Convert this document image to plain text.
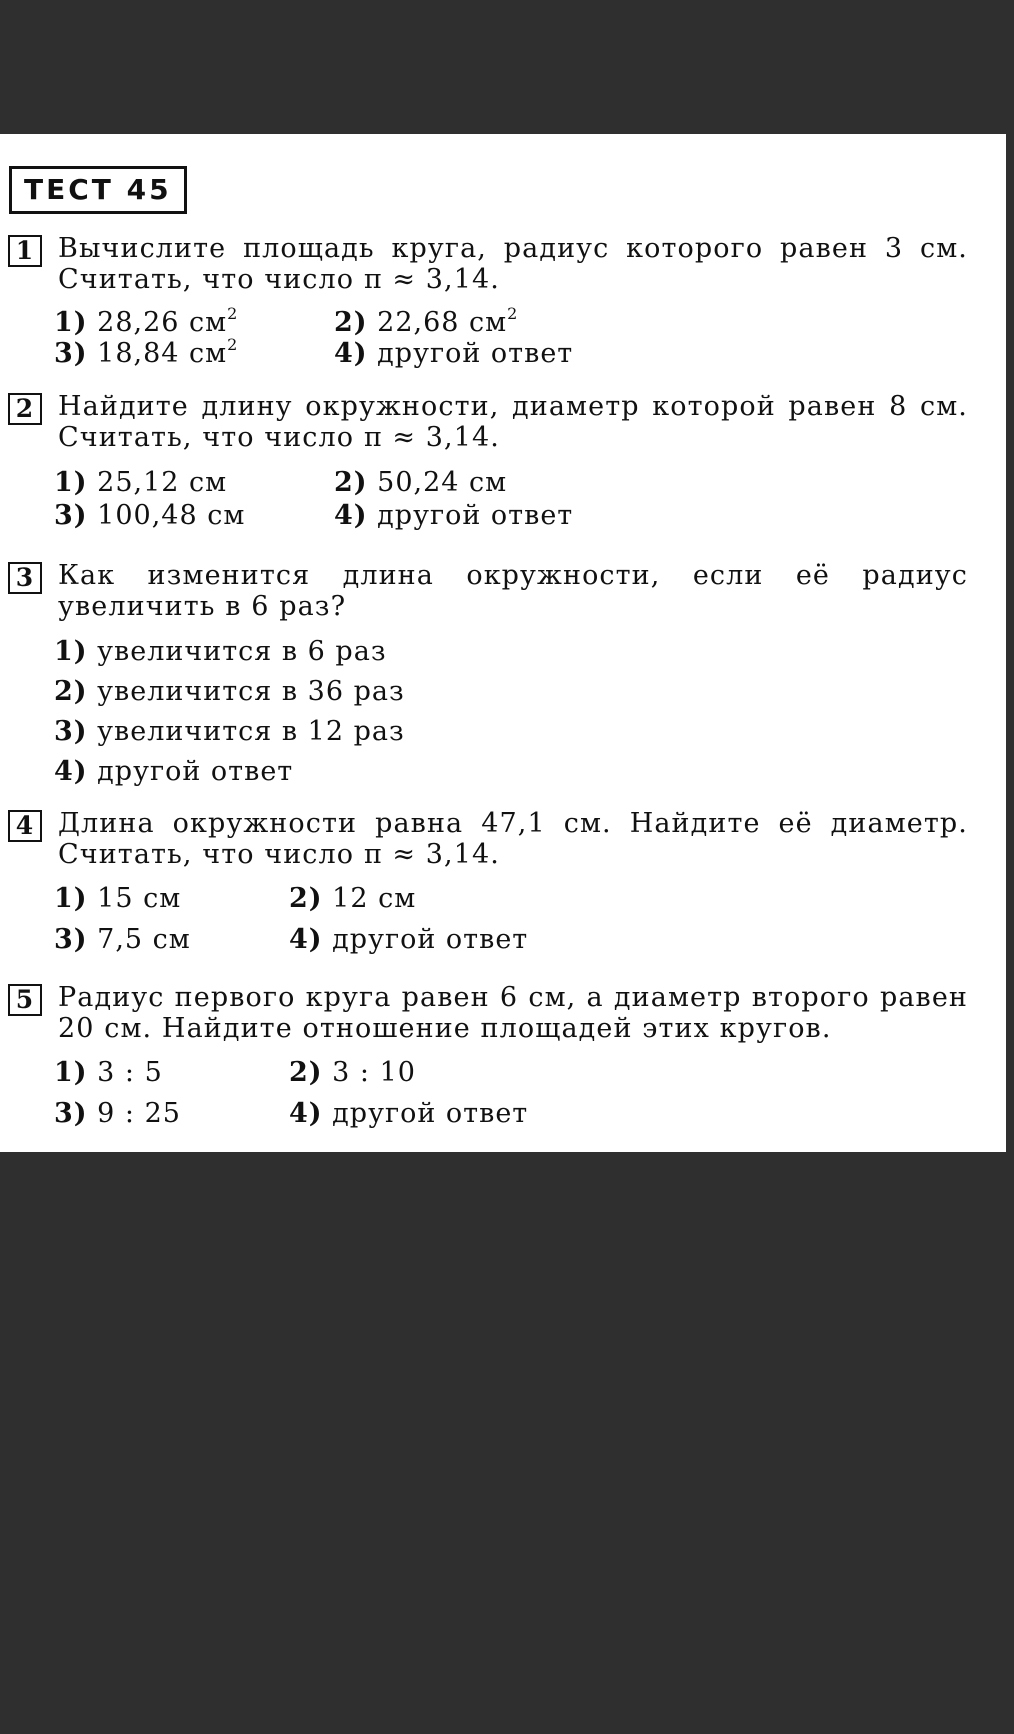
ТЕСТ 45
1 Вычислите площадь круга, радиус которого равен 3 см. Считать, что число π ≈ 3,14.
1) 28,26 $см^2$	2) 22,68 $см^2$
3) 18,84 $см^2$	4) другой ответ
2 Найдите длину окружности, диаметр которой равен 8 см. Считать, что число π ≈ 3,14.
1) 25,12 см	2) 50,24 см
3) 100,48 см	4) другой ответ
3 Как изменится длина окружности, если её радиус увеличить в 6 раз?
1) увеличится в 6 раз
2) увеличится в 36 раз
3) увеличится в 12 раз
4) другой ответ
4 Длина окружности равна 47,1 см. Найдите её диаметр. Считать, что число π ≈ 3,14.
1) 15 см	2) 12 см
3) 7,5 см	4) другой ответ
5 Радиус первого круга равен 6 см, а диаметр второго равен 20 см. Найдите отношение площадей этих кругов.
1) 3 : 5	2) 3 : 10
3) 9 : 25	4) другой ответ
